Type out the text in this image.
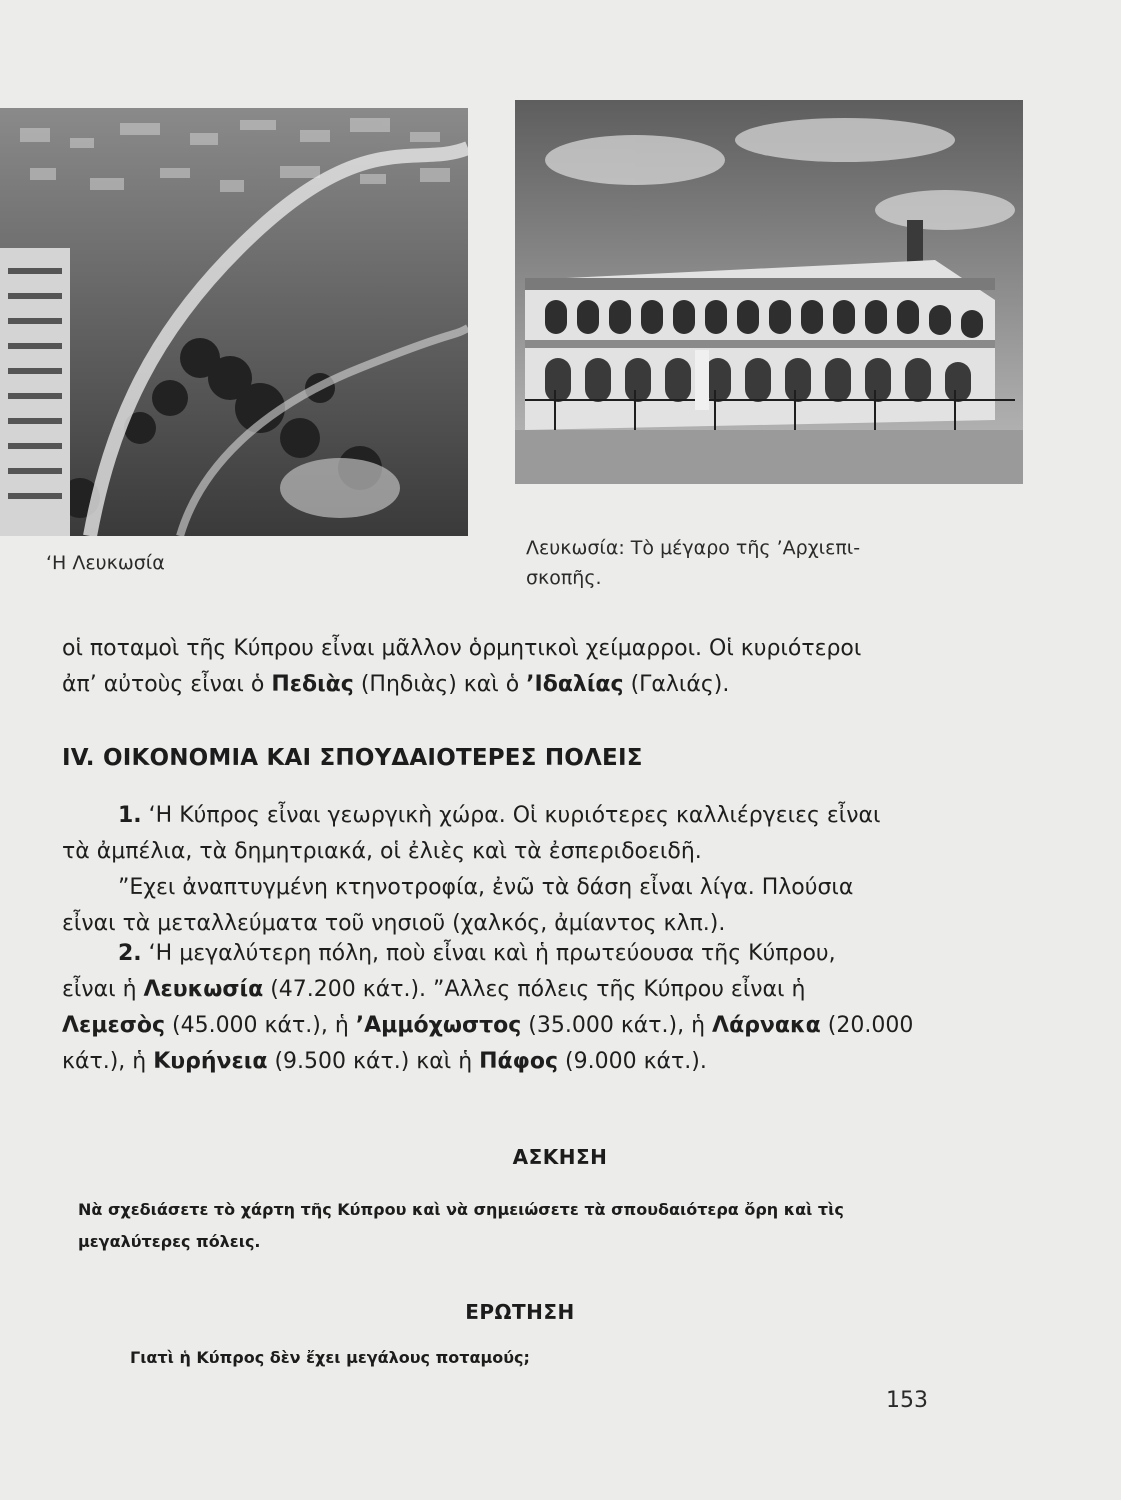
‘Η Λευκωσία
Λευκωσία: Τὸ μέγαρο τῆς ’Αρχιεπι-
σκοπῆς.
οἱ ποταμοὶ τῆς Κύπρου εἶναι μᾶλλον ὁρμητικοὶ χείμαρροι. Οἱ κυριότεροι
ἀπ’ αὐτοὺς εἶναι ὁ Πεδιὰς (Πηδιὰς) καὶ ὁ ’Ιδαλίας (Γαλιάς).
IV. ΟΙΚΟΝΟΜΙΑ ΚΑΙ ΣΠΟΥΔΑΙΟΤΕΡΕΣ ΠΟΛΕΙΣ
1. ‘Η Κύπρος εἶναι γεωργικὴ χώρα. Οἱ κυριότερες καλλιέργειες εἶναι
τὰ ἀμπέλια, τὰ δημητριακά, οἱ ἐλιὲς καὶ τὰ ἐσπεριδοειδῆ.
”Εχει ἀναπτυγμένη κτηνοτροφία, ἐνῶ τὰ δάση εἶναι λίγα. Πλούσια
εἶναι τὰ μεταλλεύματα τοῦ νησιοῦ (χαλκός, ἀμίαντος κλπ.).
2. ‘Η μεγαλύτερη πόλη, ποὺ εἶναι καὶ ἡ πρωτεύουσα τῆς Κύπρου,
εἶναι ἡ Λευκωσία (47.200 κάτ.). ”Αλλες πόλεις τῆς Κύπρου εἶναι ἡ
Λεμεσὸς (45.000 κάτ.), ἡ ’Αμμόχωστος (35.000 κάτ.), ἡ Λάρνακα (20.000
κάτ.), ἡ Κυρήνεια (9.500 κάτ.) καὶ ἡ Πάφος (9.000 κάτ.).
ΑΣΚΗΣΗ
Νὰ σχεδιάσετε τὸ χάρτη τῆς Κύπρου καὶ νὰ σημειώσετε τὰ σπουδαιότερα ὄρη καὶ τὶς
μεγαλύτερες πόλεις.
ΕΡΩΤΗΣΗ
Γιατὶ ἡ Κύπρος δὲν ἔχει μεγάλους ποταμούς;
153
